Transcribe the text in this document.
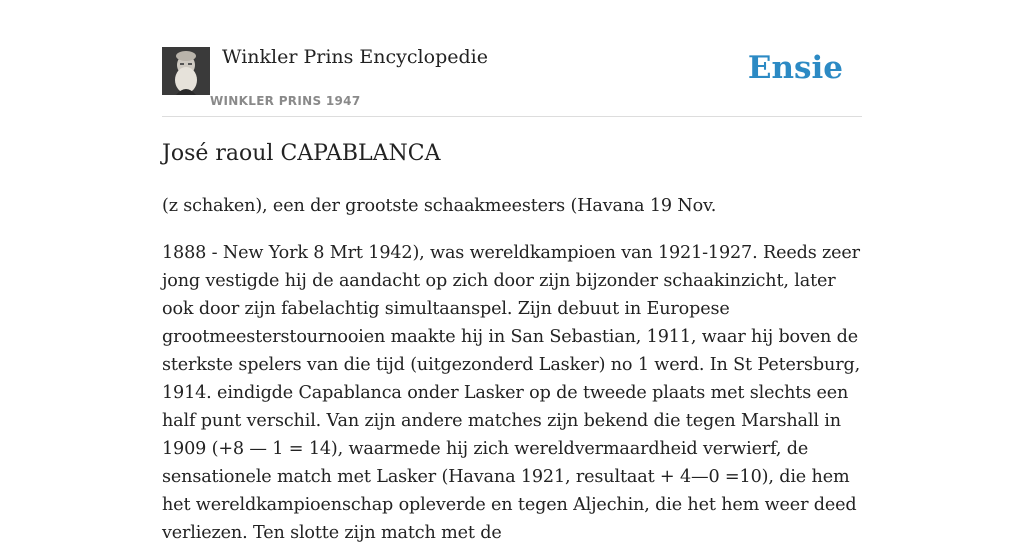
Winkler Prins Encyclopedie
WINKLER PRINS 1947
Ensie
José raoul CAPABLANCA

(z schaken), een der grootste schaakmeesters (Havana 19 Nov.

1888 - New York 8 Mrt 1942), was wereldkampioen van 1921-1927. Reeds zeer jong vestigde hij de aandacht op zich door zijn bijzonder schaakinzicht, later ook door zijn fabelachtig simultaanspel. Zijn debuut in Europese grootmeesterstournooien maakte hij in San Sebastian, 1911, waar hij boven de sterkste spelers van die tijd (uitgezonderd Lasker) no 1 werd. In St Petersburg, 1914. eindigde Capablanca onder Lasker op de tweede plaats met slechts een half punt verschil. Van zijn andere matches zijn bekend die tegen Marshall in 1909 (+8 — 1 = 14), waarmede hij zich wereldvermaardheid verwierf, de sensationele match met Lasker (Havana 1921, resultaat + 4—0 =10), die hem het wereldkampioenschap opleverde en tegen Aljechin, die het hem weer deed verliezen. Ten slotte zijn match met de
